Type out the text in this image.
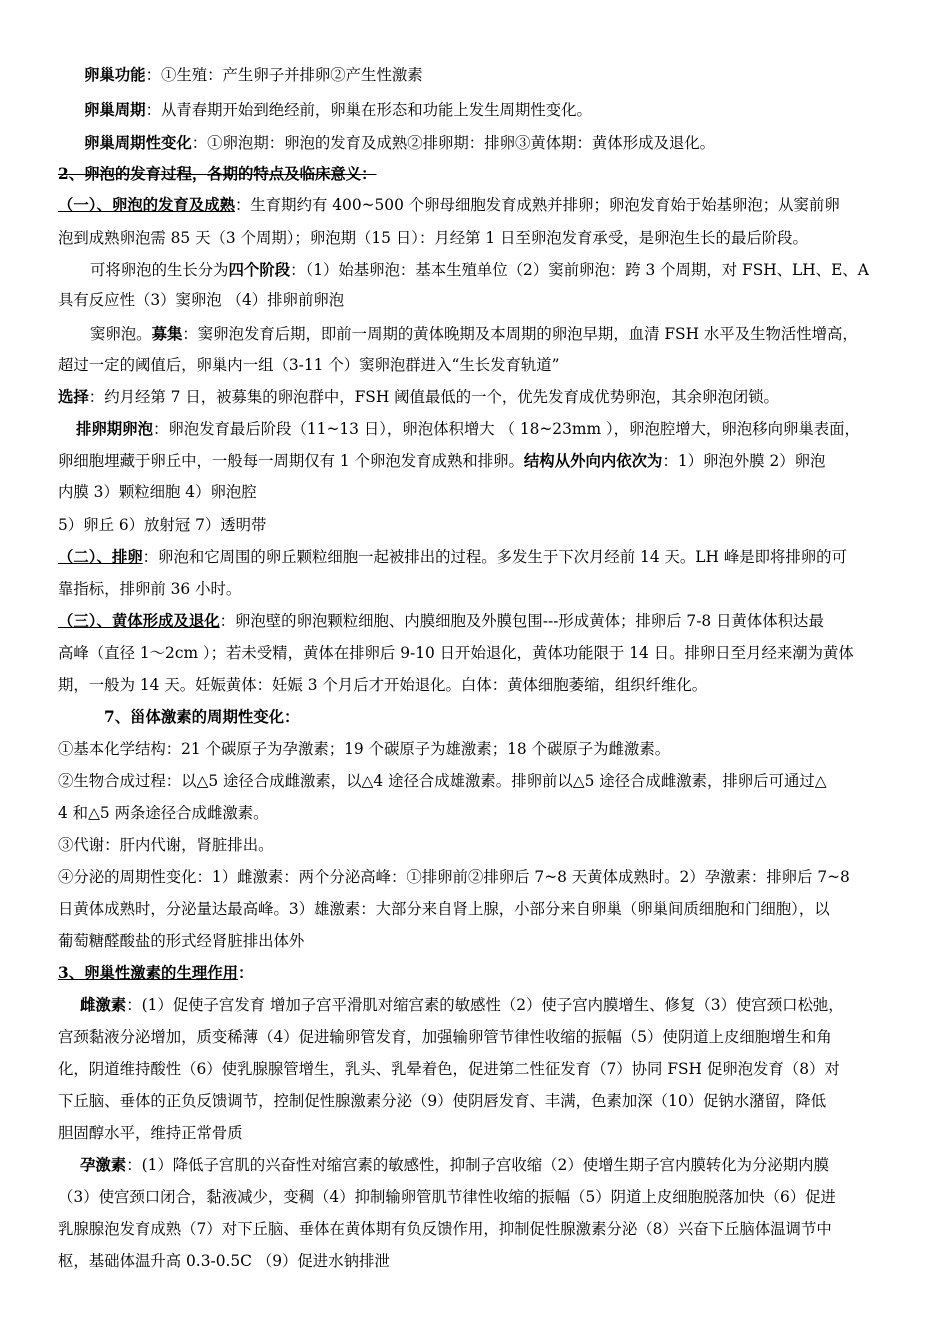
卵巢功能：①生殖：产生卵子并排卵②产生性激素
卵巢周期：从青春期开始到绝经前，卵巢在形态和功能上发生周期性变化。
卵巢周期性变化：①卵泡期：卵泡的发育及成熟②排卵期：排卵③黄体期：黄体形成及退化。
2、卵泡的发育过程，各期的特点及临床意义：
（一）、卵泡的发育及成熟：生育期约有 400~500 个卵母细胞发育成熟并排卵；卵泡发育始于始基卵泡；从窦前卵
泡到成熟卵泡需 85 天（3 个周期）；卵泡期（15 日）：月经第 1 日至卵泡发育承受，是卵泡生长的最后阶段。
可将卵泡的生长分为四个阶段：（1）始基卵泡：基本生殖单位（2）窦前卵泡：跨 3 个周期，对 FSH、LH、E、A
具有反应性（3）窦卵泡 （4）排卵前卵泡
窦卵泡。募集：窦卵泡发育后期，即前一周期的黄体晚期及本周期的卵泡早期，血清 FSH 水平及生物活性增高，
超过一定的阈值后，卵巢内一组（3-11 个）窦卵泡群进入“生长发育轨道”
选择：约月经第 7 日，被募集的卵泡群中，FSH 阈值最低的一个，优先发育成优势卵泡，其余卵泡闭锁。
排卵期卵泡：卵泡发育最后阶段（11~13 日），卵泡体积增大 （ 18~23mm ），卵泡腔增大，卵泡移向卵巢表面，
卵细胞埋藏于卵丘中，一般每一周期仅有 1 个卵泡发育成熟和排卵。结构从外向内依次为：1）卵泡外膜 2）卵泡
内膜 3）颗粒细胞 4）卵泡腔
5）卵丘 6）放射冠 7）透明带
（二）、排卵：卵泡和它周围的卵丘颗粒细胞一起被排出的过程。多发生于下次月经前 14 天。LH 峰是即将排卵的可
靠指标，排卵前 36 小时。
（三）、黄体形成及退化：卵泡壁的卵泡颗粒细胞、内膜细胞及外膜包围---形成黄体；排卵后 7-8 日黄体体积达最
高峰（直径 1～2cm ）；若未受精，黄体在排卵后 9-10 日开始退化，黄体功能限于 14 日。排卵日至月经来潮为黄体
期，一般为 14 天。妊娠黄体：妊娠 3 个月后才开始退化。白体：黄体细胞萎缩，组织纤维化。
7、甾体激素的周期性变化：
①基本化学结构：21 个碳原子为孕激素；19 个碳原子为雄激素；18 个碳原子为雌激素。
②生物合成过程：以△5 途径合成雌激素，以△4 途径合成雄激素。排卵前以△5 途径合成雌激素，排卵后可通过△
4 和△5 两条途径合成雌激素。
③代谢：肝内代谢，肾脏排出。
④分泌的周期性变化：1）雌激素：两个分泌高峰：①排卵前②排卵后 7~8 天黄体成熟时。2）孕激素：排卵后 7~8
日黄体成熟时，分泌量达最高峰。3）雄激素：大部分来自肾上腺，小部分来自卵巢（卵巢间质细胞和门细胞），以
葡萄糖醛酸盐的形式经肾脏排出体外
3、卵巢性激素的生理作用：
雌激素：(1）促使子宫发育 增加子宫平滑肌对缩宫素的敏感性（2）使子宫内膜增生、修复（3）使宫颈口松弛，
宫颈黏液分泌增加，质变稀薄（4）促进输卵管发育，加强输卵管节律性收缩的振幅（5）使阴道上皮细胞增生和角
化，阴道维持酸性（6）使乳腺腺管增生，乳头、乳晕着色，促进第二性征发育（7）协同 FSH 促卵泡发育（8）对
下丘脑、垂体的正负反馈调节，控制促性腺激素分泌（9）使阴唇发育、丰满，色素加深（10）促钠水潴留，降低
胆固醇水平，维持正常骨质
孕激素：(1）降低子宫肌的兴奋性对缩宫素的敏感性，抑制子宫收缩（2）使增生期子宫内膜转化为分泌期内膜
（3）使宫颈口闭合，黏液减少，变稠（4）抑制输卵管肌节律性收缩的振幅（5）阴道上皮细胞脱落加快（6）促进
乳腺腺泡发育成熟（7）对下丘脑、垂体在黄体期有负反馈作用，抑制促性腺激素分泌（8）兴奋下丘脑体温调节中
枢，基础体温升高 0.3-0.5C （9）促进水钠排泄
